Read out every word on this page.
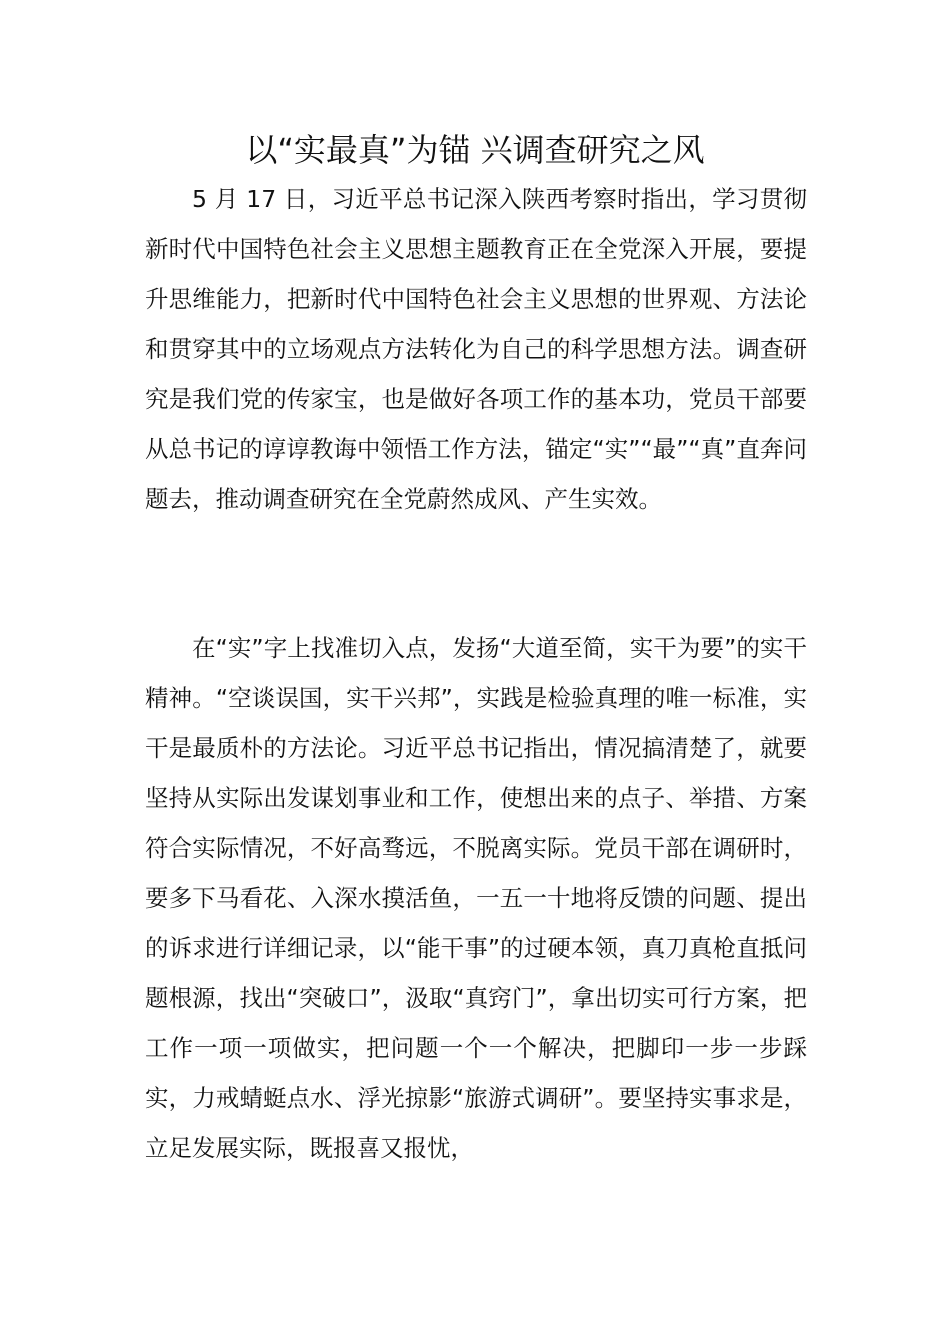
以“实最真”为锚 兴调查研究之风

5 月 17 日，习近平总书记深入陕西考察时指出，学习贯彻新时代中国特色社会主义思想主题教育正在全党深入开展，要提升思维能力，把新时代中国特色社会主义思想的世界观、方法论和贯穿其中的立场观点方法转化为自己的科学思想方法。调查研究是我们党的传家宝，也是做好各项工作的基本功，党员干部要从总书记的谆谆教诲中领悟工作方法，锚定“实”“最”“真”直奔问题去，推动调查研究在全党蔚然成风、产生实效。

在“实”字上找准切入点，发扬“大道至简，实干为要”的实干精神。“空谈误国，实干兴邦”，实践是检验真理的唯一标准，实干是最质朴的方法论。习近平总书记指出，情况搞清楚了，就要坚持从实际出发谋划事业和工作，使想出来的点子、举措、方案符合实际情况，不好高骛远，不脱离实际。党员干部在调研时，要多下马看花、入深水摸活鱼，一五一十地将反馈的问题、提出的诉求进行详细记录，以“能干事”的过硬本领，真刀真枪直抵问题根源，找出“突破口”，汲取“真窍门”，拿出切实可行方案，把工作一项一项做实，把问题一个一个解决，把脚印一步一步踩实，力戒蜻蜓点水、浮光掠影“旅游式调研”。要坚持实事求是，立足发展实际，既报喜又报忧，
